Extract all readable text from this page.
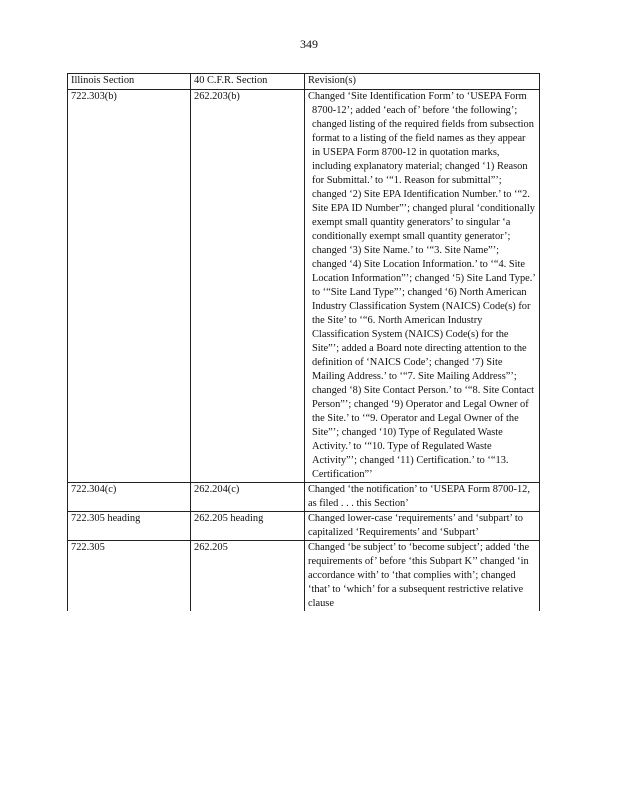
349
Illinois Section	40 C.F.R. Section	Revision(s)
722.303(b)	262.203(b)	Changed ‘Site Identification Form’ to ‘USEPA Form 8700-12’; added ‘each of’ before ‘the following’; changed listing of the required fields from subsection format to a listing of the field names as they appear in USEPA Form 8700-12 in quotation marks, including explanatory material; changed ‘1) Reason for Submittal.’ to ‘“1. Reason for submittal”’; changed ‘2) Site EPA Identification Number.’ to ‘“2. Site EPA ID Number”’; changed plural ‘conditionally exempt small quantity generators’ to singular ‘a conditionally exempt small quantity generator’; changed ‘3) Site Name.’ to ‘“3. Site Name”’; changed ‘4) Site Location Information.’ to ‘“4. Site Location Information”’; changed ‘5) Site Land Type.’ to ‘“Site Land Type”’; changed ‘6) North American Industry Classification System (NAICS) Code(s) for the Site’ to ‘“6. North American Industry Classification System (NAICS) Code(s) for the Site”’; added a Board note directing attention to the definition of ‘NAICS Code’; changed ‘7) Site Mailing Address.’ to ‘“7. Site Mailing Address”’; changed ‘8) Site Contact Person.’ to ‘“8. Site Contact Person”’; changed ‘9) Operator and Legal Owner of the Site.’ to ‘“9. Operator and Legal Owner of the Site”’; changed ‘10) Type of Regulated Waste Activity.’ to ‘“10. Type of Regulated Waste Activity”’; changed ‘11) Certification.’ to ‘“13. Certification”’
722.304(c)	262.204(c)	Changed ‘the notification’ to ‘USEPA Form 8700-12, as filed . . . this Section’
722.305 heading	262.205 heading	Changed lower-case ‘requirements’ and ‘subpart’ to capitalized ‘Requirements’ and ‘Subpart’
722.305	262.205	Changed ‘be subject’ to ‘become subject’; added ‘the requirements of’ before ‘this Subpart K’’ changed ‘in accordance with’ to ‘that complies with’; changed ‘that’ to ‘which’ for a subsequent restrictive relative clause
